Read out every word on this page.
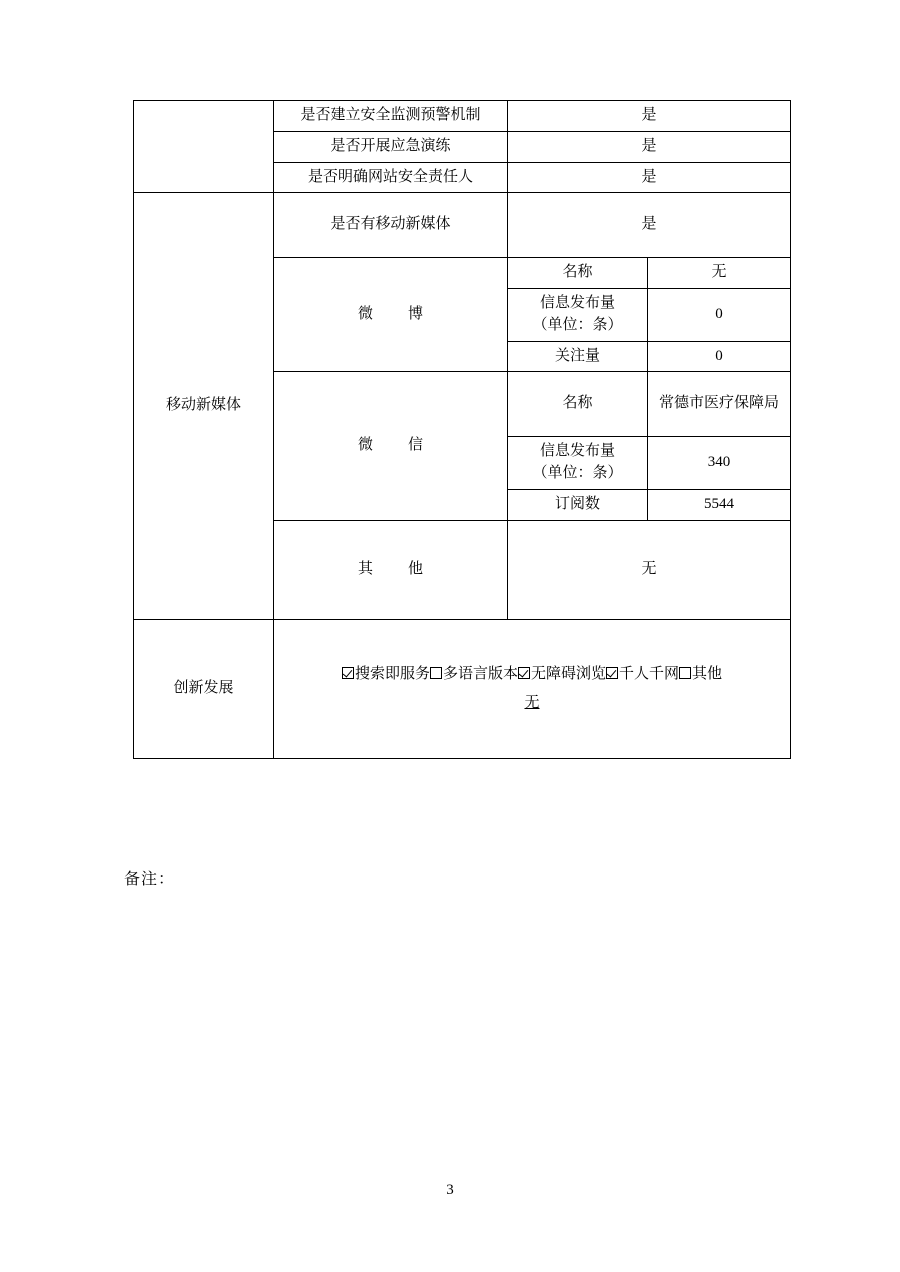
	是否建立安全监测预警机制	是	
	是否开展应急演练	是	
	是否明确网站安全责任人	是	
移动新媒体	是否有移动新媒体	是	
	微　博	名称	无

		信息发布量
（单位：条）	0
		关注量	0
	微　信	名称	常德市医疗保障局

		信息发布量
（单位：条）	340
		订阅数	5544
	其　他	无	
创新发展	搜索即服务 多语言版本 无障碍浏览 千人千网 其他
无		
备注：
3
